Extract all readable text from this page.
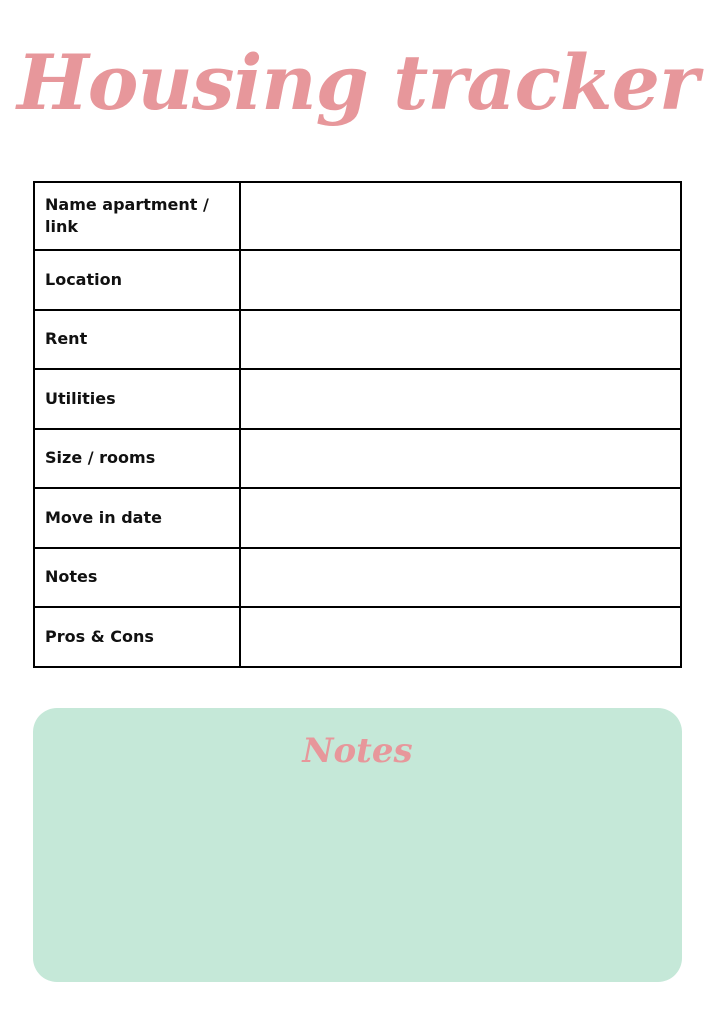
Housing tracker
Name apartment / link	
Location	
Rent	
Utilities	
Size / rooms	
Move in date	
Notes	
Pros & Cons	
Notes
